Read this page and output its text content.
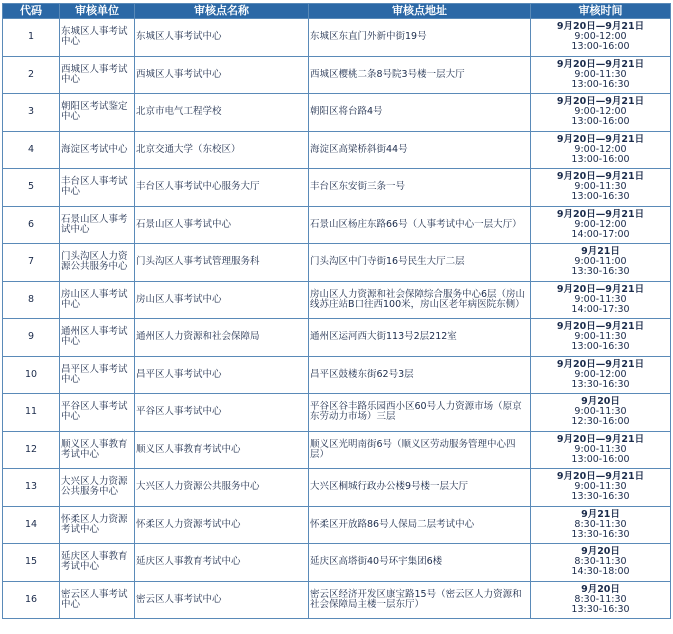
代码	审核单位	审核点名称	审核点地址	审核时间
1	东城区人事考试中心	东城区人事考试中心	东城区东直门外新中街19号	9月20日—9月21日
9:00-12:00
13:00-16:00

2	西城区人事考试中心	西城区人事考试中心	西城区樱桃二条8号院3号楼一层大厅	9月20日—9月21日
9:00-11:30
13:00-16:30

3	朝阳区考试鉴定中心	北京市电气工程学校	朝阳区将台路4号	9月20日—9月21日
9:00-12:00
13:00-16:00

4	海淀区考试中心	北京交通大学（东校区）	海淀区高梁桥斜街44号	9月20日—9月21日
9:00-12:00
13:00-16:00

5	丰台区人事考试中心	丰台区人事考试中心服务大厅	丰台区东安街三条一号	9月20日—9月21日
9:00-11:30
13:00-16:30

6	石景山区人事考试中心	石景山区人事考试中心	石景山区杨庄东路66号（人事考试中心一层大厅）	9月20日—9月21日
9:00-12:00
14:00-17:00

7	门头沟区人力资源公共服务中心	门头沟区人事考试管理服务科	门头沟区中门寺街16号民生大厅二层	9月21日
9:00-11:00
13:30-16:30

8	房山区人事考试中心	房山区人事考试中心	房山区人力资源和社会保障综合服务中心6层（房山线苏庄站B口往西100米，房山区老年病医院东侧）	9月20日—9月21日
9:00-11:30
14:00-17:30

9	通州区人事考试中心	通州区人力资源和社会保障局	通州区运河西大街113号2层212室	9月20日—9月21日
9:00-11:30
13:00-16:30

10	昌平区人事考试中心	昌平区人事考试中心	昌平区鼓楼东街62号3层	9月20日—9月21日
9:00-12:00
13:30-16:30

11	平谷区人事考试中心	平谷区人事考试中心	平谷区谷丰路乐园西小区60号人力资源市场（原京东劳动力市场）三层	9月20日
9:00-11:30
12:30-16:00

12	顺义区人事教育考试中心	顺义区人事教育考试中心	顺义区光明南街6号（顺义区劳动服务管理中心四层）	9月20日—9月21日
9:00-11:30
13:00-16:00

13	大兴区人力资源公共服务中心	大兴区人力资源公共服务中心	大兴区桐城行政办公楼9号楼一层大厅	9月20日—9月21日
9:00-11:30
13:30-16:30

14	怀柔区人力资源考试中心	怀柔区人力资源考试中心	怀柔区开放路86号人保局二层考试中心	9月21日
8:30-11:30
13:30-16:30

15	延庆区人事教育考试中心	延庆区人事教育考试中心	延庆区高塔街40号环宇集团6楼	9月20日
8:30-11:30
14:30-18:00

16	密云区人事考试中心	密云区人事考试中心	密云区经济开发区康宝路15号（密云区人力资源和社会保障局主楼一层东厅）	9月20日
8:30-11:30
13:30-16:30
